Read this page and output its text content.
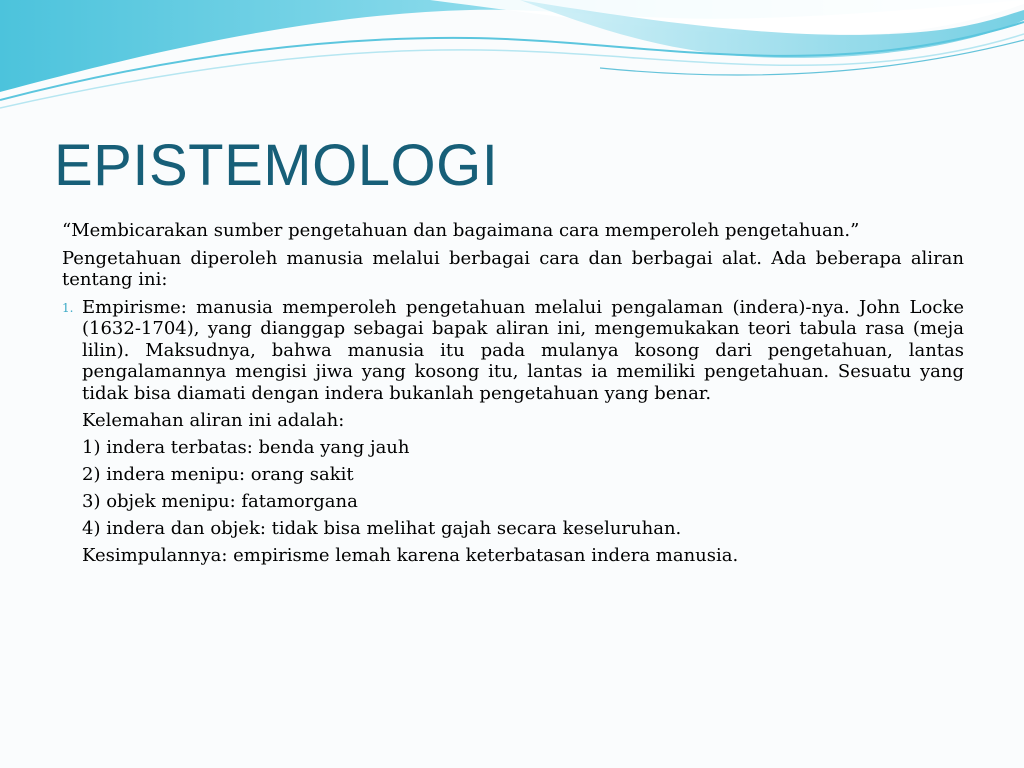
EPISTEMOLOGI

“Membicarakan sumber pengetahuan dan bagaimana cara memperoleh pengetahuan.”

Pengetahuan diperoleh manusia melalui berbagai cara dan berbagai alat. Ada beberapa aliran tentang ini:

1. Empirisme: manusia memperoleh pengetahuan melalui pengalaman (indera)-nya. John Locke (1632-1704), yang dianggap sebagai bapak aliran ini, mengemukakan teori tabula rasa (meja lilin). Maksudnya, bahwa manusia itu pada mulanya kosong dari pengetahuan, lantas pengalamannya mengisi jiwa yang kosong itu, lantas ia memiliki pengetahuan. Sesuatu yang tidak bisa diamati dengan indera bukanlah pengetahuan yang benar.
Kelemahan aliran ini adalah:
1) indera terbatas: benda yang jauh
2) indera menipu: orang sakit
3) objek menipu: fatamorgana
4) indera dan objek: tidak bisa melihat gajah secara keseluruhan.
Kesimpulannya: empirisme lemah karena keterbatasan indera manusia.
